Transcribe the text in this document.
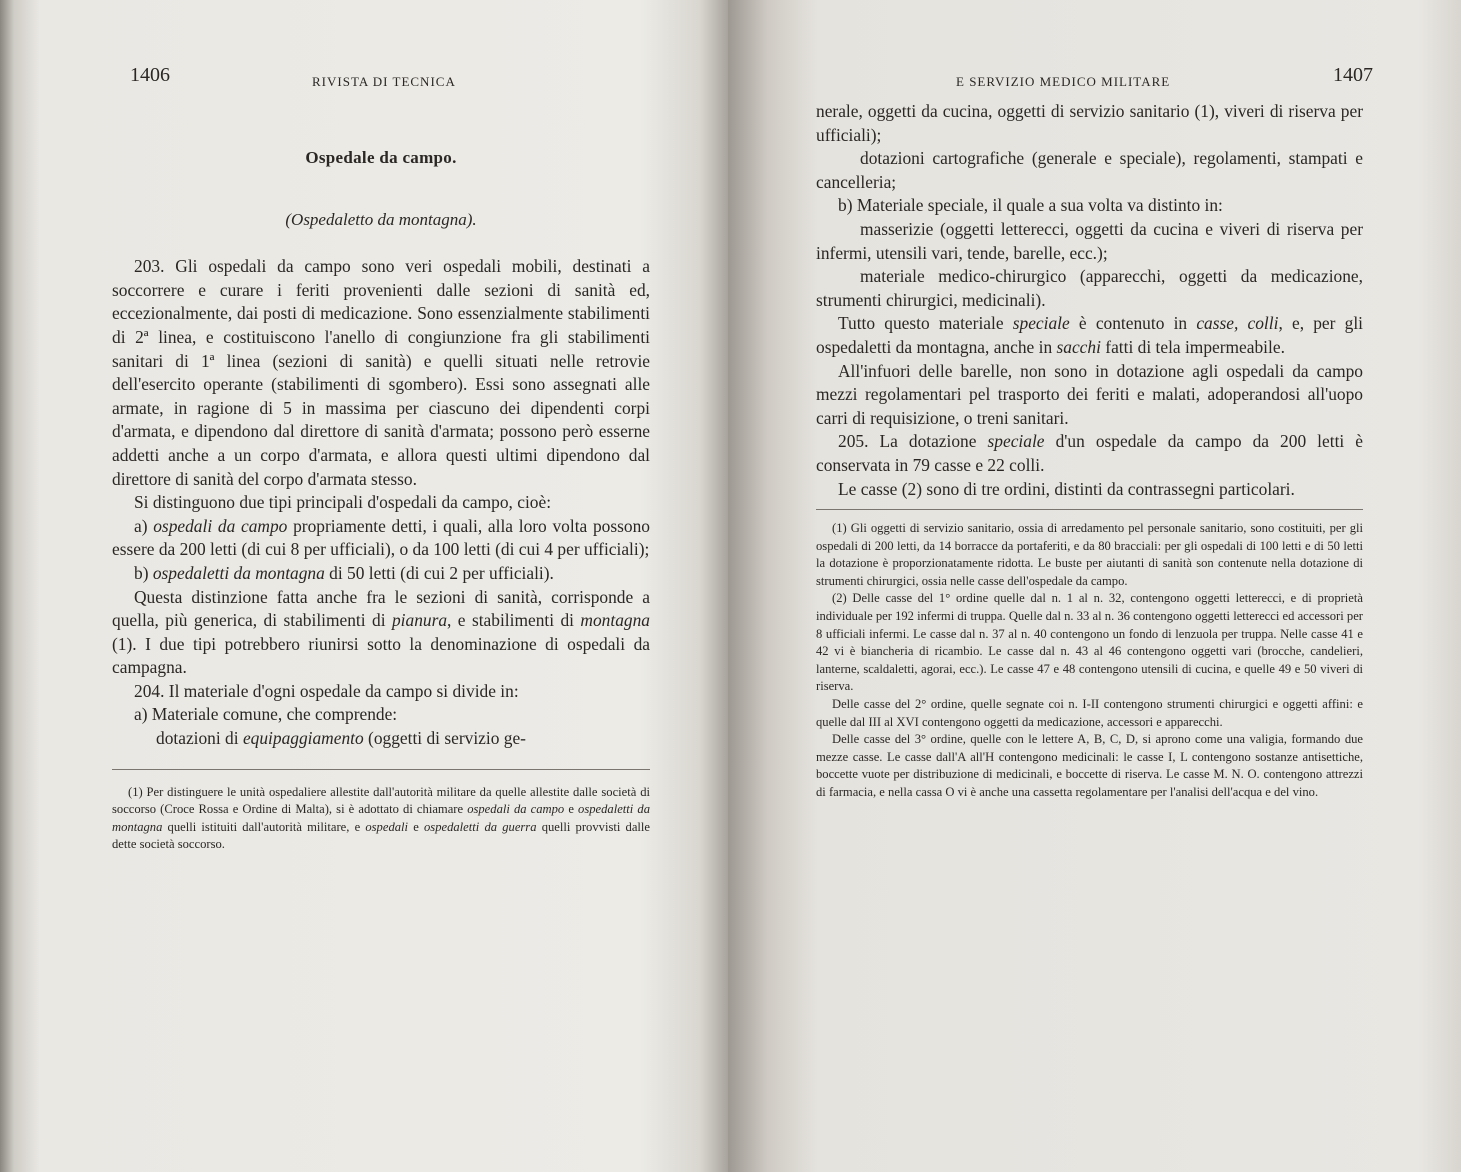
1406	RIVISTA DI TECNICA
Ospedale da campo.
(Ospedaletto da montagna).

203. Gli ospedali da campo sono veri ospedali mobili, destinati a soccorrere e curare i feriti provenienti dalle sezioni di sanità ed, eccezionalmente, dai posti di medicazione. Sono essenzialmente stabilimenti di 2ª linea, e costituiscono l'anello di congiunzione fra gli stabilimenti sanitari di 1ª linea (sezioni di sanità) e quelli situati nelle retrovie dell'esercito operante (stabilimenti di sgombero). Essi sono assegnati alle armate, in ragione di 5 in massima per ciascuno dei dipendenti corpi d'armata, e dipendono dal direttore di sanità d'armata; possono però esserne addetti anche a un corpo d'armata, e allora questi ultimi dipendono dal direttore di sanità del corpo d'armata stesso.

Si distinguono due tipi principali d'ospedali da campo, cioè:

a) ospedali da campo propriamente detti, i quali, alla loro volta possono essere da 200 letti (di cui 8 per ufficiali), o da 100 letti (di cui 4 per ufficiali);

b) ospedaletti da montagna di 50 letti (di cui 2 per ufficiali).

Questa distinzione fatta anche fra le sezioni di sanità, corrisponde a quella, più generica, di stabilimenti di pianura, e stabilimenti di montagna (1). I due tipi potrebbero riunirsi sotto la denominazione di ospedali da campagna.

204. Il materiale d'ogni ospedale da campo si divide in:

a) Materiale comune, che comprende:

dotazioni di equipaggiamento (oggetti di servizio ge-

(1) Per distinguere le unità ospedaliere allestite dall'autorità militare da quelle allestite dalle società di soccorso (Croce Rossa e Ordine di Malta), si è adottato di chiamare ospedali da campo e ospedaletti da montagna quelli istituiti dall'autorità militare, e ospedali e ospedaletti da guerra quelli provvisti dalle dette società soccorso.

E SERVIZIO MEDICO MILITARE	1407

nerale, oggetti da cucina, oggetti di servizio sanitario (1), viveri di riserva per ufficiali);

dotazioni cartografiche (generale e speciale), regolamenti, stampati e cancelleria;

b) Materiale speciale, il quale a sua volta va distinto in:

masserizie (oggetti letterecci, oggetti da cucina e viveri di riserva per infermi, utensili vari, tende, barelle, ecc.);

materiale medico-chirurgico (apparecchi, oggetti da medicazione, strumenti chirurgici, medicinali).

Tutto questo materiale speciale è contenuto in casse, colli, e, per gli ospedaletti da montagna, anche in sacchi fatti di tela impermeabile.

All'infuori delle barelle, non sono in dotazione agli ospedali da campo mezzi regolamentari pel trasporto dei feriti e malati, adoperandosi all'uopo carri di requisizione, o treni sanitari.

205. La dotazione speciale d'un ospedale da campo da 200 letti è conservata in 79 casse e 22 colli.

Le casse (2) sono di tre ordini, distinti da contrassegni particolari.

(1) Gli oggetti di servizio sanitario, ossia di arredamento pel personale sanitario, sono costituiti, per gli ospedali di 200 letti, da 14 borracce da portaferiti, e da 80 bracciali: per gli ospedali di 100 letti e di 50 letti la dotazione è proporzionatamente ridotta. Le buste per aiutanti di sanità son contenute nella dotazione di strumenti chirurgici, ossia nelle casse dell'ospedale da campo.

(2) Delle casse del 1° ordine quelle dal n. 1 al n. 32, contengono oggetti letterecci, e di proprietà individuale per 192 infermi di truppa. Quelle dal n. 33 al n. 36 contengono oggetti letterecci ed accessori per 8 ufficiali infermi. Le casse dal n. 37 al n. 40 contengono un fondo di lenzuola per truppa. Nelle casse 41 e 42 vi è biancheria di ricambio. Le casse dal n. 43 al 46 contengono oggetti vari (brocche, candelieri, lanterne, scaldaletti, agorai, ecc.). Le casse 47 e 48 contengono utensili di cucina, e quelle 49 e 50 viveri di riserva.

Delle casse del 2° ordine, quelle segnate coi n. I-II contengono strumenti chirurgici e oggetti affini: e quelle dal III al XVI contengono oggetti da medicazione, accessori e apparecchi.

Delle casse del 3° ordine, quelle con le lettere A, B, C, D, si aprono come una valigia, formando due mezze casse. Le casse dall'A all'H contengono medicinali: le casse I, L contengono sostanze antisettiche, boccette vuote per distribuzione di medicinali, e boccette di riserva. Le casse M. N. O. contengono attrezzi di farmacia, e nella cassa O vi è anche una cassetta regolamentare per l'analisi dell'acqua e del vino.
